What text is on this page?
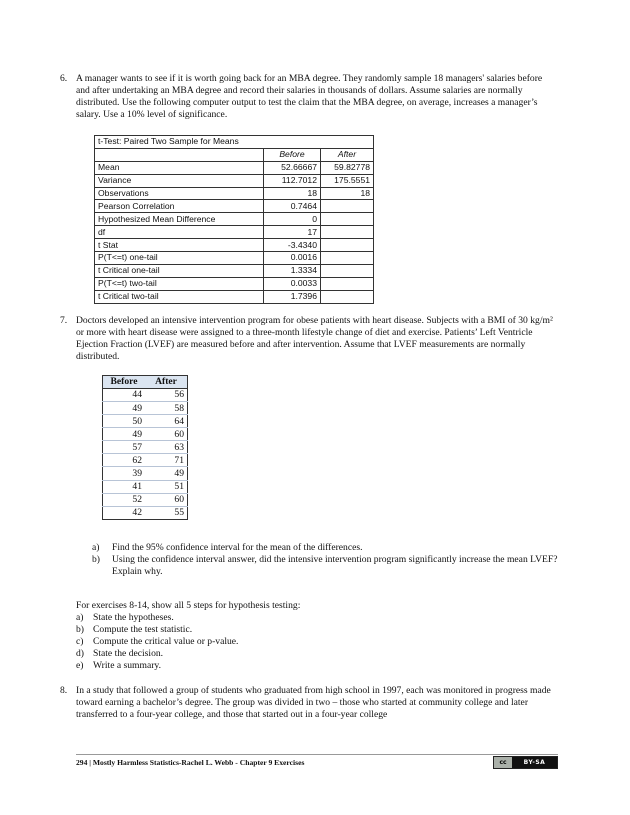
6. A manager wants to see if it is worth going back for an MBA degree. They randomly sample 18 managers' salaries before and after undertaking an MBA degree and record their salaries in thousands of dollars. Assume salaries are normally distributed. Use the following computer output to test the claim that the MBA degree, on average, increases a manager’s salary. Use a 10% level of significance.

t-Test: Paired Two Sample for Means		
	Before	After
Mean	52.66667	59.82778
Variance	112.7012	175.5551
Observations	18	18
Pearson Correlation	0.7464	
Hypothesized Mean Difference	0	
df	17	
t Stat	-3.4340	
P(T<=t) one-tail	0.0016	
t Critical one-tail	1.3334	
P(T<=t) two-tail	0.0033	
t Critical two-tail	1.7396	
7. Doctors developed an intensive intervention program for obese patients with heart disease. Subjects with a BMI of 30 kg/m² or more with heart disease were assigned to a three-month lifestyle change of diet and exercise. Patients’ Left Ventricle Ejection Fraction (LVEF) are measured before and after intervention. Assume that LVEF measurements are normally distributed.

Before	After
44	56
49	58
50	64
49	60
57	63
62	71
39	49
41	51
52	60
42	55
a) Find the 95% confidence interval for the mean of the differences.
b) Using the confidence interval answer, did the intensive intervention program significantly increase the mean LVEF? Explain why.
For exercises 8-14, show all 5 steps for hypothesis testing:
a) State the hypotheses.
b) Compute the test statistic.
c) Compute the critical value or p-value.
d) State the decision.
e) Write a summary.
8. In a study that followed a group of students who graduated from high school in 1997, each was monitored in progress made toward earning a bachelor’s degree. The group was divided in two – those who started at community college and later transferred to a four-year college, and those that started out in a four-year college

294 | Mostly Harmless Statistics-Rachel L. Webb - Chapter 9 Exercises	cc	BY-SA
